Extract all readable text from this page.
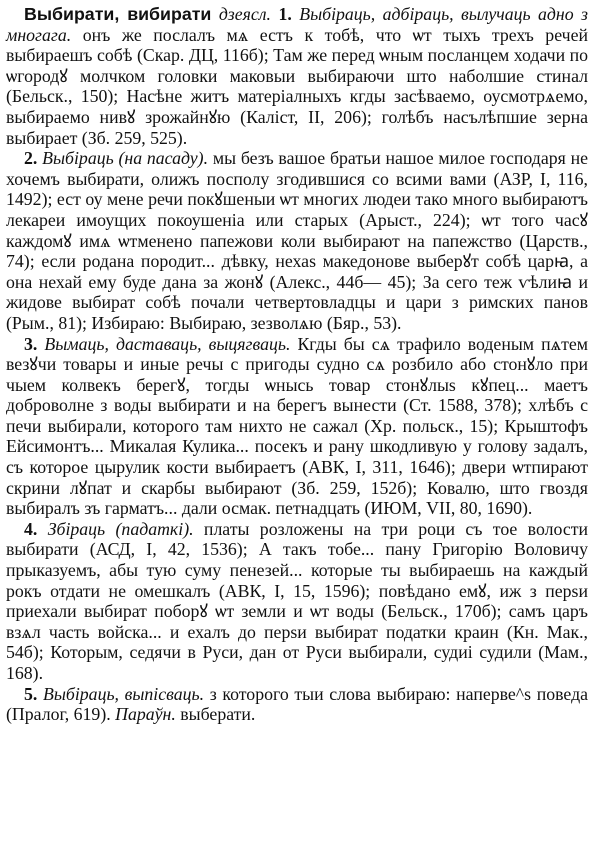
Выбирати, вибирати дзеясл. 1. Выбіраць, адбіраць, вылучаць адно з многага. онъ же послалъ мѧ естъ к тобѣ, что ѡт тыхъ трехъ речей выбираешъ собѣ (Скар. ДЦ, 116б); Там же перед ѡным посланцем ходачи по ѡгородꙋ молчком головки маковыи выбираючи што наболшие стинал (Бельск., 150); Насѣне житъ матеріалныхъ кгды засѣваемо, оусмотрѧемо, выбираемо нивꙋ зрожайнꙋю (Каліст, II, 206); голѣбъ насълѣпшие зерна выбирает (Зб. 259, 525).

2. Выбіраць (на пасаду). мы безъ вашое братьи нашое милое господаря не хочемъ выбирати, олижъ посполу згодившися со всими вами (АЗР, I, 116, 1492); ест оу мене речи покꙋшеныи ѡт многих людеи тако много выбираютъ лекареи имоущих покоушеніа или старых (Арыст., 224); ѡт того часꙋ каждомꙋ имѧ ѡтменено папежови коли выбирают на папежство (Царств., 74); если родана породит... дѣвку, нехаѕ македонове выберꙋт собѣ царꙗ, а она нехай ему буде дана за жонꙋ (Алекс., 44б— 45); За сего теж ѵѣлиꙗ и жидове выбират собѣ почали четвертовладцы и цари з римских панов (Рым., 81); Избираю: Выбираю, зезволѧю (Бяр., 53).

3. Вымаць, даставаць, выцягваць. Кгды бы сѧ трафило воденым пѧтем везꙋчи товары и иные речы с пригоды судно сѧ розбило або стонꙋло при чыем колвекъ берегꙋ, тогды ѡнысь товар стонꙋлыѕ кꙋпец... маетъ доброволне з воды выбирати и на берегъ вынести (Ст. 1588, 378); хлѣбъ с печи выбирали, которого там нихто не сажал (Хр. польск., 15); Крыштофъ Ейсимонтъ... Микалая Кулика... посекъ и рану шкодливую у голову задалъ, съ которое цырулик кости выбираетъ (АВК, I, 311, 1646); двери ѡтпирают скрини лꙋпат и скарбы выбирают (Зб. 259, 152б); Ковалю, што гвоздя выбиралъ зъ гарматъ... дали осмак. петнадцать (ИЮМ, VII, 80, 1690).

4. Збіраць (падаткі). платы розложены на три роци съ тое волости выбирати (АСД, I, 42, 1536); А такъ тобе... пану Григорію Воловичу прыказуемъ, абы тую суму пенезей... которые ты выбираешь на каждый рокъ отдати не омешкалъ (АВК, I, 15, 1596); повѣдано емꙋ, иж з перѕи приехали выбират поборꙋ ѡт земли и ѡт воды (Бельск., 170б); самъ царъ взѧл часть войска... и ехалъ до перѕи выбират податки краин (Кн. Мак., 54б); Которым, седячи в Руси, дан от Руси выбирали, судиі судили (Мам., 168).

5. Выбіраць, выпісваць. з которого тыи слова выбираю: наперве^ѕ поведа (Пралог, 619). Параўн. выберати.
